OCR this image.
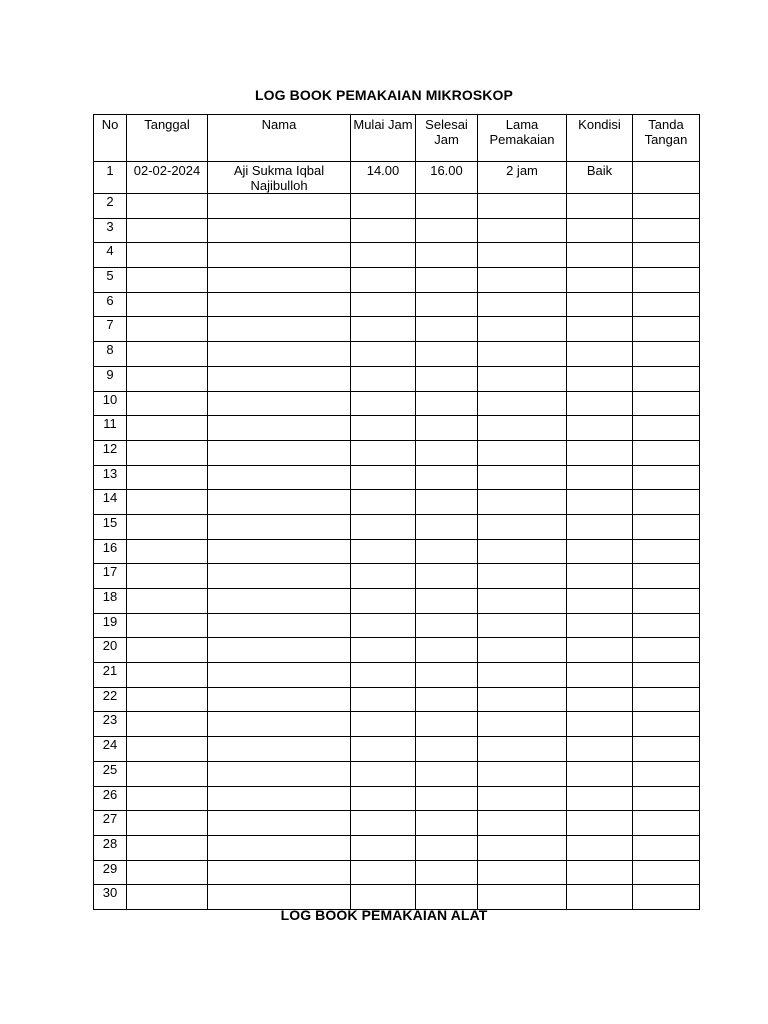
LOG BOOK PEMAKAIAN MIKROSKOP
No	Tanggal	Nama	Mulai Jam	Selesai Jam	Lama Pemakaian	Kondisi	Tanda Tangan
1	02-02-2024	Aji Sukma Iqbal Najibulloh	14.00	16.00	2 jam	Baik	
2							
3							
4							
5							
6							
7							
8							
9							
10							
11							
12							
13							
14							
15							
16							
17							
18							
19							
20							
21							
22							
23							
24							
25							
26							
27							
28							
29							
30							
LOG BOOK PEMAKAIAN ALAT
